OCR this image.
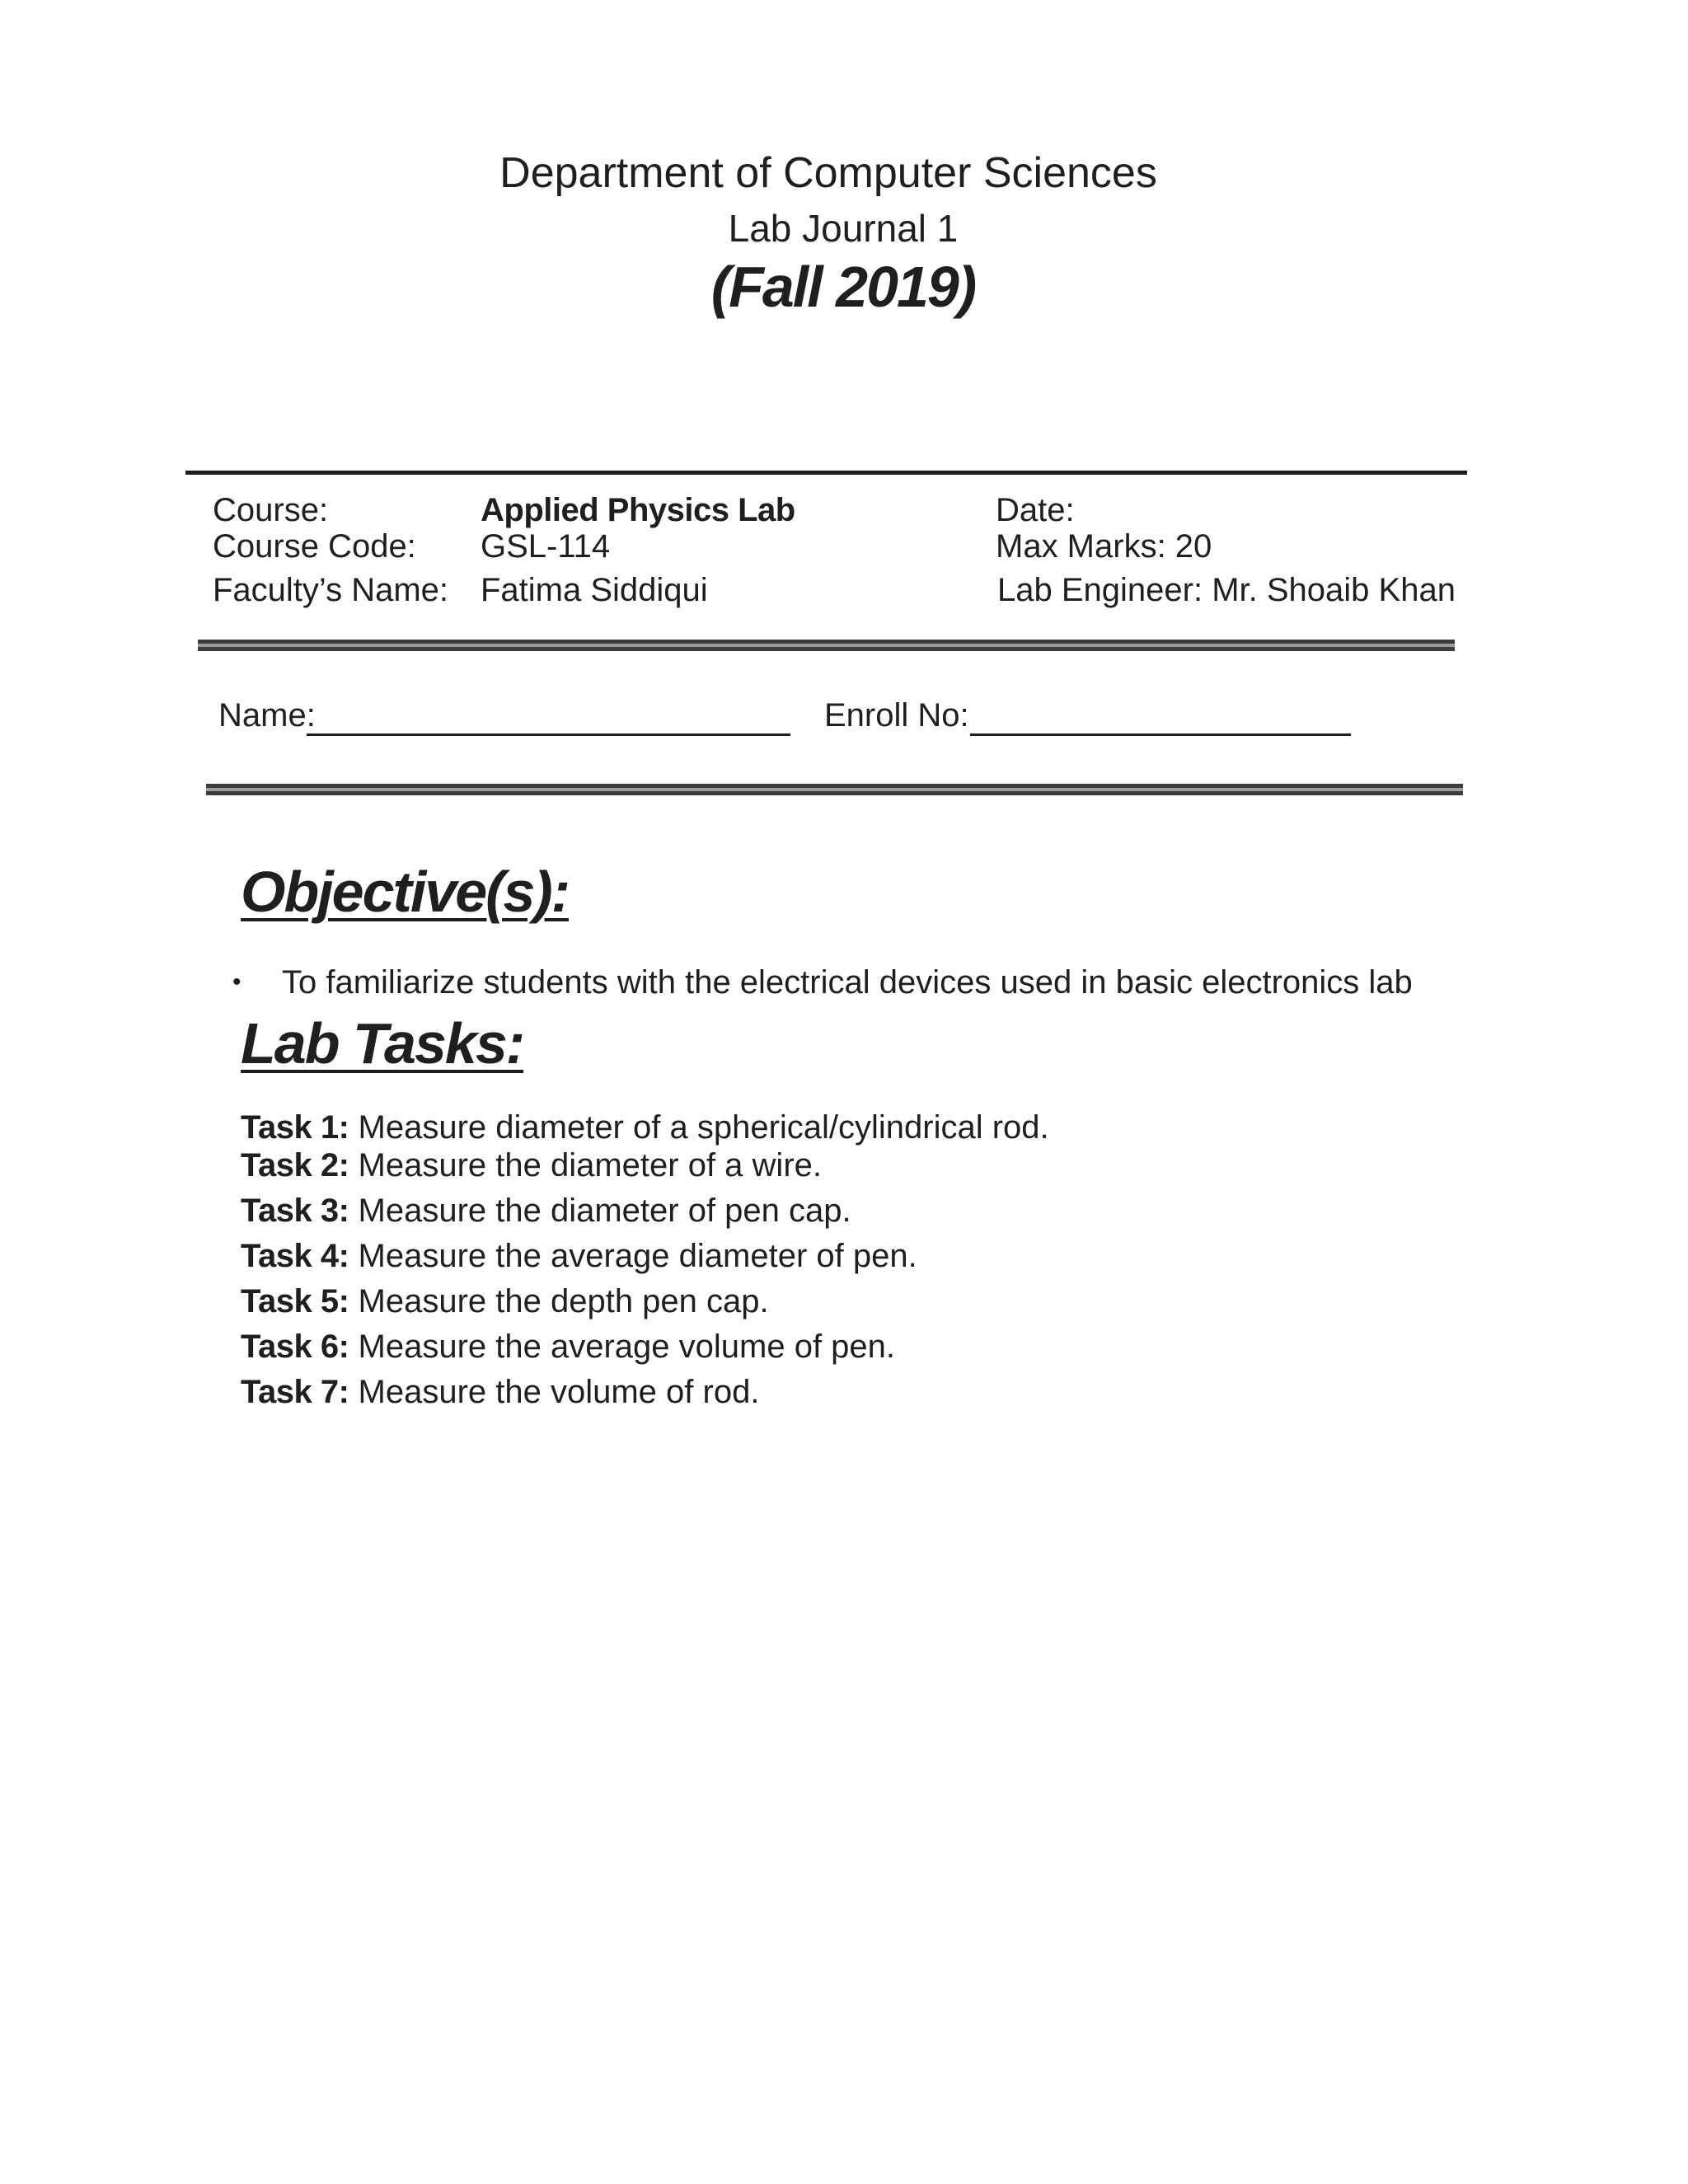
Department of Computer Sciences
Lab Journal 1
(Fall 2019)
Course:	Applied Physics Lab	Date:
Course Code: GSL-114	Max Marks: 20
Faculty’s Name: Fatima Siddiqui	Lab Engineer: Mr. Shoaib Khan
Name:	Enroll No:
Objective(s):
• To familiarize students with the electrical devices used in basic electronics lab
Lab Tasks:
Task 1: Measure diameter of a spherical/cylindrical rod.
Task 2: Measure the diameter of a wire.
Task 3: Measure the diameter of pen cap.
Task 4: Measure the average diameter of pen.
Task 5: Measure the depth pen cap.
Task 6: Measure the average volume of pen.
Task 7: Measure the volume of rod.
